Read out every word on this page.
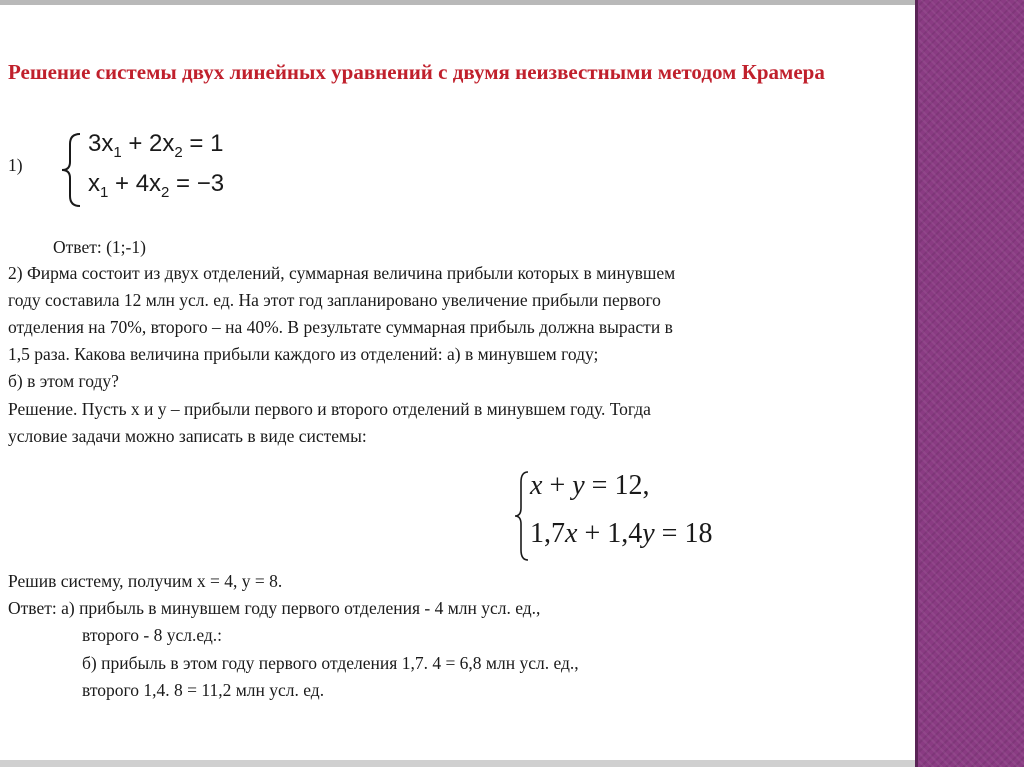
Решение системы двух линейных уравнений с двумя неизвестными методом Крамера
1)
$3x_1 + 2x_2 = 1$
$x_1 + 4x_2 = -3$
Ответ: (1;-1)
2) Фирма состоит из двух отделений, суммарная величина прибыли которых в минувшем
году составила 12 млн усл. ед. На этот год запланировано увеличение прибыли первого
отделения на 70%, второго – на 40%. В результате суммарная прибыль должна вырасти в
1,5 раза. Какова величина прибыли каждого из отделений: а) в минувшем году;
б) в этом году?
Решение. Пусть х и у – прибыли первого и второго отделений в минувшем году. Тогда
условие задачи можно записать в виде системы:
x + y = 12,
1,7x + 1,4y = 18
Решив систему, получим х = 4, у = 8.
Ответ: а) прибыль в минувшем году первого отделения - 4 млн усл. ед.,
второго - 8 усл.ед.:
б) прибыль в этом году первого отделения 1,7. 4 = 6,8 млн усл. ед.,
второго 1,4. 8 = 11,2 млн усл. ед.
